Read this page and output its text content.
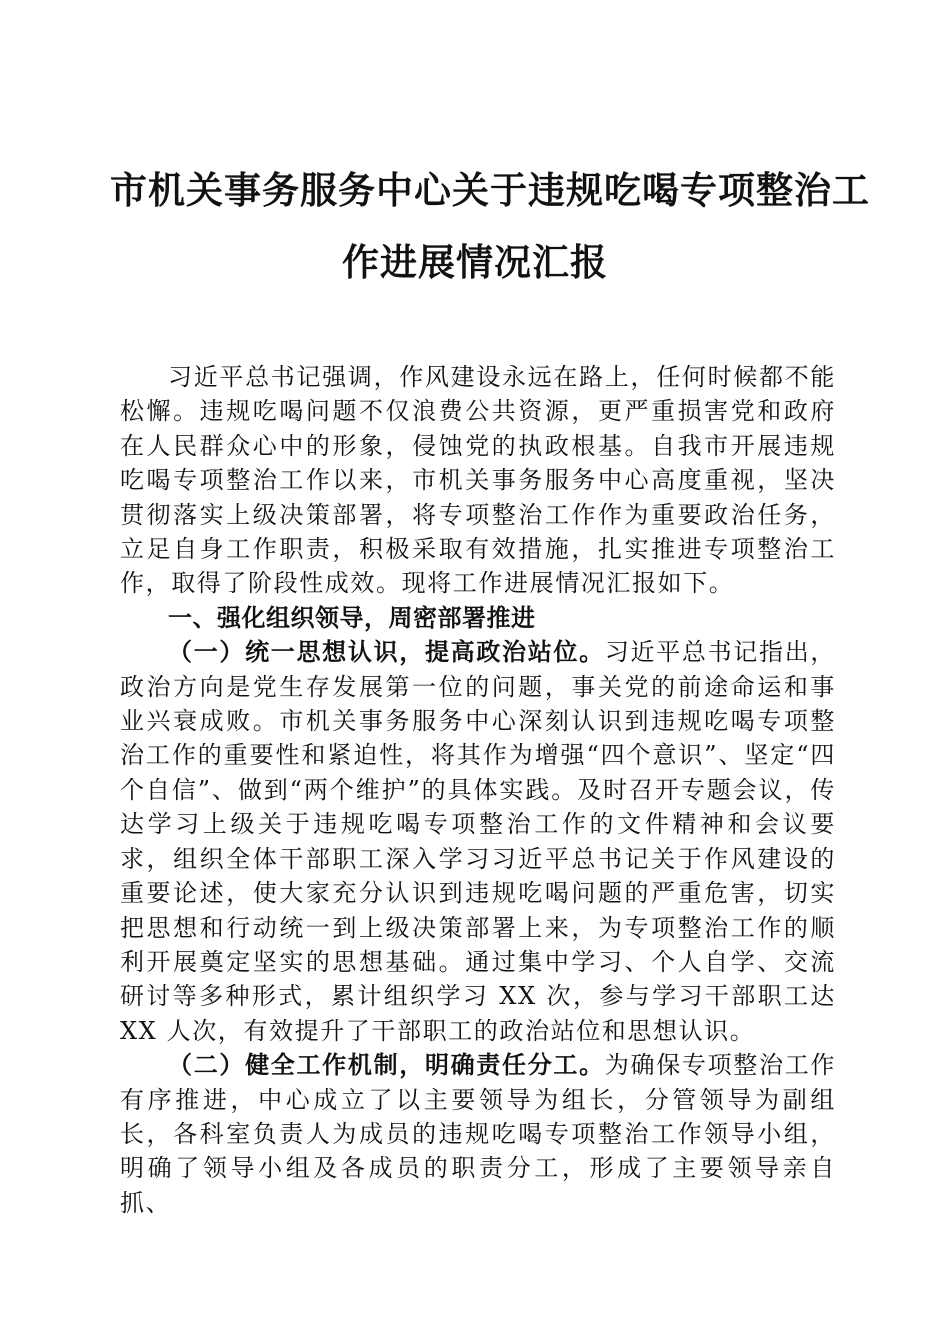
市机关事务服务中心关于违规吃喝专项整治工
作进展情况汇报

习近平总书记强调，作风建设永远在路上，任何时候都不能松懈。违规吃喝问题不仅浪费公共资源，更严重损害党和政府在人民群众心中的形象，侵蚀党的执政根基。自我市开展违规吃喝专项整治工作以来，市机关事务服务中心高度重视，坚决贯彻落实上级决策部署，将专项整治工作作为重要政治任务，立足自身工作职责，积极采取有效措施，扎实推进专项整治工作，取得了阶段性成效。现将工作进展情况汇报如下。

一、强化组织领导，周密部署推进

（一）统一思想认识，提高政治站位。习近平总书记指出，政治方向是党生存发展第一位的问题，事关党的前途命运和事业兴衰成败。市机关事务服务中心深刻认识到违规吃喝专项整治工作的重要性和紧迫性，将其作为增强“四个意识”、坚定“四个自信”、做到“两个维护”的具体实践。及时召开专题会议，传达学习上级关于违规吃喝专项整治工作的文件精神和会议要求，组织全体干部职工深入学习习近平总书记关于作风建设的重要论述，使大家充分认识到违规吃喝问题的严重危害，切实把思想和行动统一到上级决策部署上来，为专项整治工作的顺利开展奠定坚实的思想基础。通过集中学习、个人自学、交流研讨等多种形式，累计组织学习 XX 次，参与学习干部职工达 XX 人次，有效提升了干部职工的政治站位和思想认识。

（二）健全工作机制，明确责任分工。为确保专项整治工作有序推进，中心成立了以主要领导为组长，分管领导为副组长，各科室负责人为成员的违规吃喝专项整治工作领导小组，明确了领导小组及各成员的职责分工，形成了主要领导亲自抓、
